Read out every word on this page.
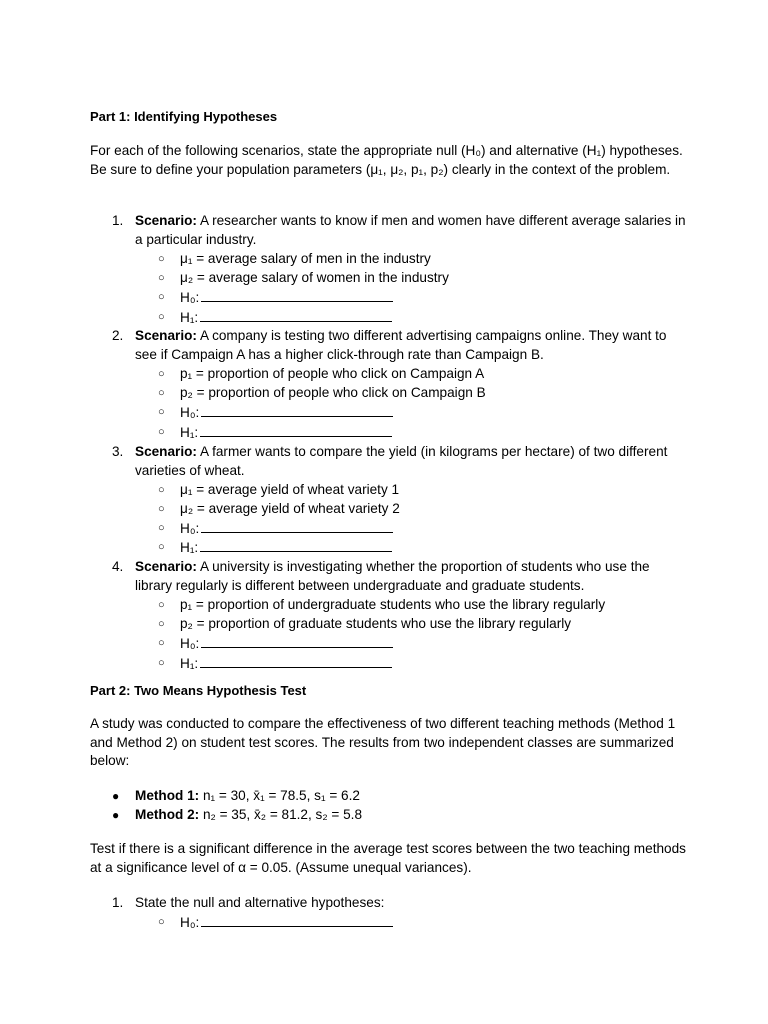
Part 1: Identifying Hypotheses

For each of the following scenarios, state the appropriate null (H₀) and alternative (H₁) hypotheses. Be sure to define your population parameters (μ₁, μ₂, p₁, p₂) clearly in the context of the problem.

1. Scenario: A researcher wants to know if men and women have different average salaries in a particular industry.
○ μ₁ = average salary of men in the industry
○ μ₂ = average salary of women in the industry
○ H₀:
○ H₁:
2. Scenario: A company is testing two different advertising campaigns online. They want to see if Campaign A has a higher click-through rate than Campaign B.
○ p₁ = proportion of people who click on Campaign A
○ p₂ = proportion of people who click on Campaign B
○ H₀:
○ H₁:
3. Scenario: A farmer wants to compare the yield (in kilograms per hectare) of two different varieties of wheat.
○ μ₁ = average yield of wheat variety 1
○ μ₂ = average yield of wheat variety 2
○ H₀:
○ H₁:
4. Scenario: A university is investigating whether the proportion of students who use the library regularly is different between undergraduate and graduate students.
○ p₁ = proportion of undergraduate students who use the library regularly
○ p₂ = proportion of graduate students who use the library regularly
○ H₀:
○ H₁:

Part 2: Two Means Hypothesis Test

A study was conducted to compare the effectiveness of two different teaching methods (Method 1 and Method 2) on student test scores. The results from two independent classes are summarized below:

● Method 1: n₁ = 30, x̄₁ = 78.5, s₁ = 6.2
● Method 2: n₂ = 35, x̄₂ = 81.2, s₂ = 5.8

Test if there is a significant difference in the average test scores between the two teaching methods at a significance level of α = 0.05. (Assume unequal variances).

1. State the null and alternative hypotheses:
○ H₀:
